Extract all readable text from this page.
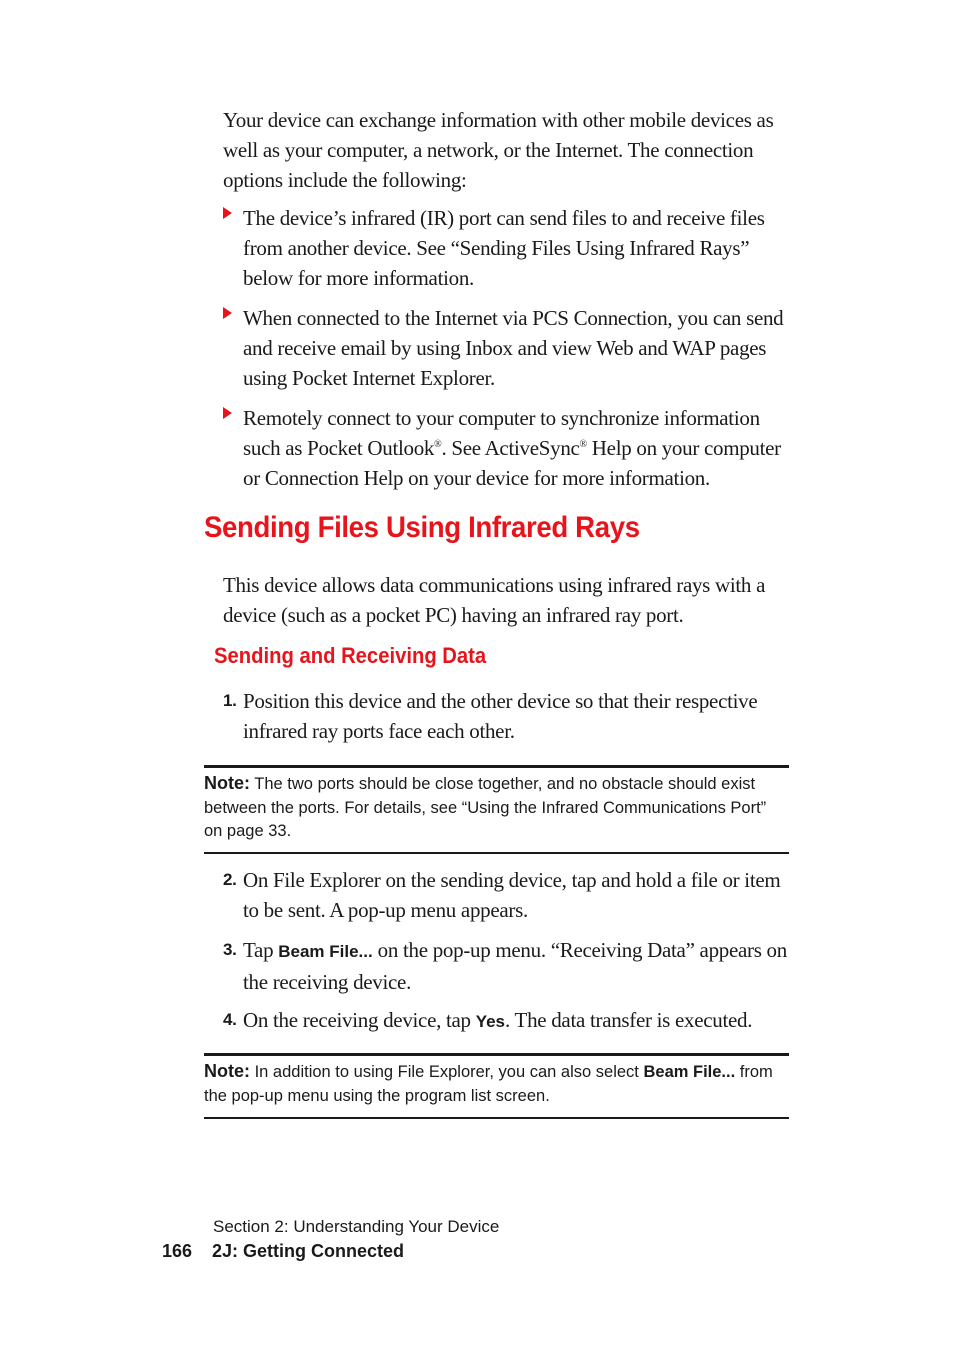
Your device can exchange information with other mobile devices as well as your computer, a network, or the Internet. The connection options include the following:
The device’s infrared (IR) port can send files to and receive files from another device. See “Sending Files Using Infrared Rays” below for more information.
When connected to the Internet via PCS Connection, you can send and receive email by using Inbox and view Web and WAP pages using Pocket Internet Explorer.
Remotely connect to your computer to synchronize information such as Pocket Outlook®. See ActiveSync® Help on your computer or Connection Help on your device for more information.
Sending Files Using Infrared Rays
This device allows data communications using infrared rays with a device (such as a pocket PC) having an infrared ray port.
Sending and Receiving Data
1. Position this device and the other device so that their respective infrared ray ports face each other.
Note: The two ports should be close together, and no obstacle should exist between the ports. For details, see “Using the Infrared Communications Port” on page 33.
2. On File Explorer on the sending device, tap and hold a file or item to be sent. A pop-up menu appears.
3. Tap Beam File... on the pop-up menu. “Receiving Data” appears on the receiving device.
4. On the receiving device, tap Yes. The data transfer is executed.
Note: In addition to using File Explorer, you can also select Beam File... from the pop-up menu using the program list screen.
Section 2: Understanding Your Device
166 2J: Getting Connected
